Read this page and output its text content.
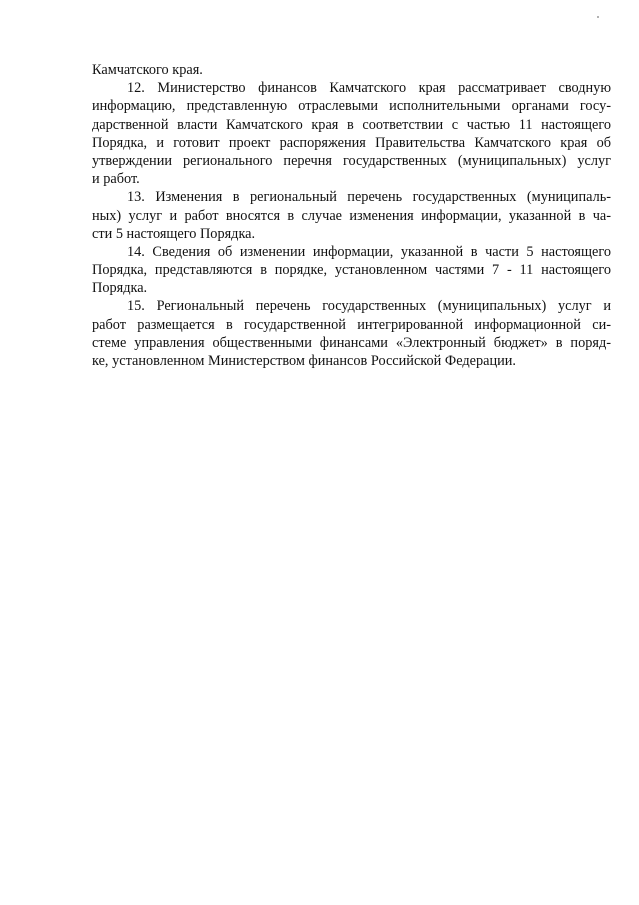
Камчатского края.
12. Министерство финансов Камчатского края рассматривает сводную
информацию, представленную отраслевыми исполнительными органами госу-
дарственной власти Камчатского края в соответствии с частью 11 настоящего
Порядка, и готовит проект распоряжения Правительства Камчатского края об
утверждении регионального перечня государственных (муниципальных) услуг
и работ.
13. Изменения в региональный перечень государственных (муниципаль-
ных) услуг и работ вносятся в случае изменения информации, указанной в ча-
сти 5 настоящего Порядка.
14. Сведения об изменении информации, указанной в части 5 настоящего
Порядка, представляются в порядке, установленном частями 7 - 11 настоящего
Порядка.
15. Региональный перечень государственных (муниципальных) услуг и
работ размещается в государственной интегрированной информационной си-
стеме управления общественными финансами «Электронный бюджет» в поряд-
ке, установленном Министерством финансов Российской Федерации.
